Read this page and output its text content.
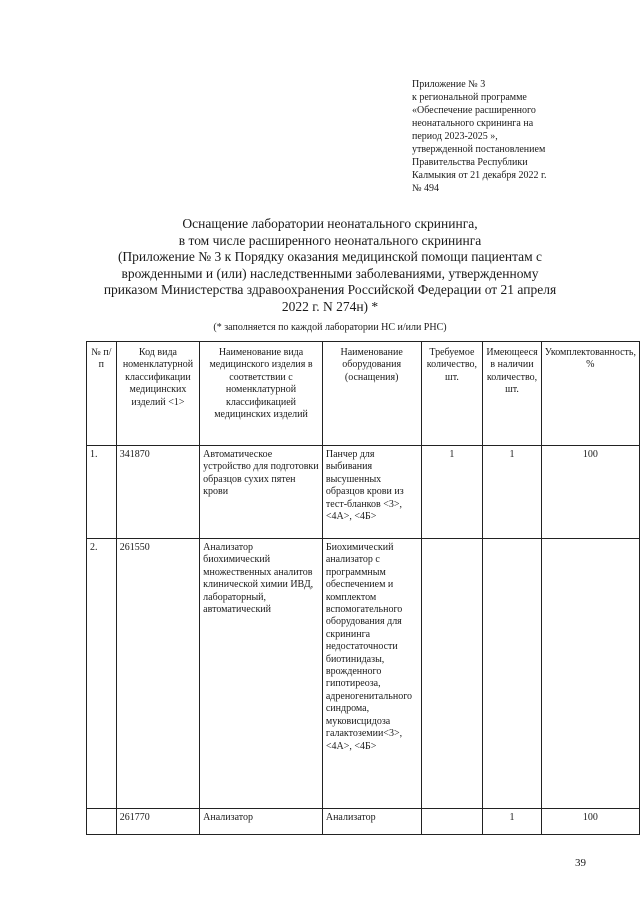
Приложение № 3
к региональной программе
«Обеспечение расширенного
неонатального скрининга на
период 2023-2025 »,
утвержденной постановлением
Правительства Республики
Калмыкия от 21 декабря 2022 г.
№ 494
Оснащение лаборатории неонатального скрининга,
в том числе расширенного неонатального скрининга
(Приложение № 3 к Порядку оказания медицинской помощи пациентам с
врожденными и (или) наследственными заболеваниями, утвержденному
приказом Министерства здравоохранения Российской Федерации от 21 апреля
2022 г. N 274н) *
(* заполняется по каждой лаборатории НС и/или РНС)
№ п/п	Код вида номенклатурной классификации медицинских изделий <1>	Наименование вида медицинского изделия в соответствии с номенклатурной классификацией медицинских изделий	Наименование оборудования (оснащения)	Требуемое количество, шт.	Имеющееся в наличии количество, шт.	Укомплектованность, %
1.	341870	Автоматическое устройство для подготовки образцов сухих пятен крови	Панчер для выбивания высушенных образцов крови из тест-бланков <3>, <4А>, <4Б>	1	1	100
2.	261550	Анализатор биохимический множественных аналитов клинической химии ИВД, лабораторный, автоматический	Биохимический анализатор с программным обеспечением и комплектом вспомогательного оборудования для скрининга недостаточности биотинидазы, врожденного гипотиреоза, адреногенитального синдрома, муковисцидоза галактоземии<3>, <4А>, <4Б>			
	261770	Анализатор	Анализатор		1	100
39
